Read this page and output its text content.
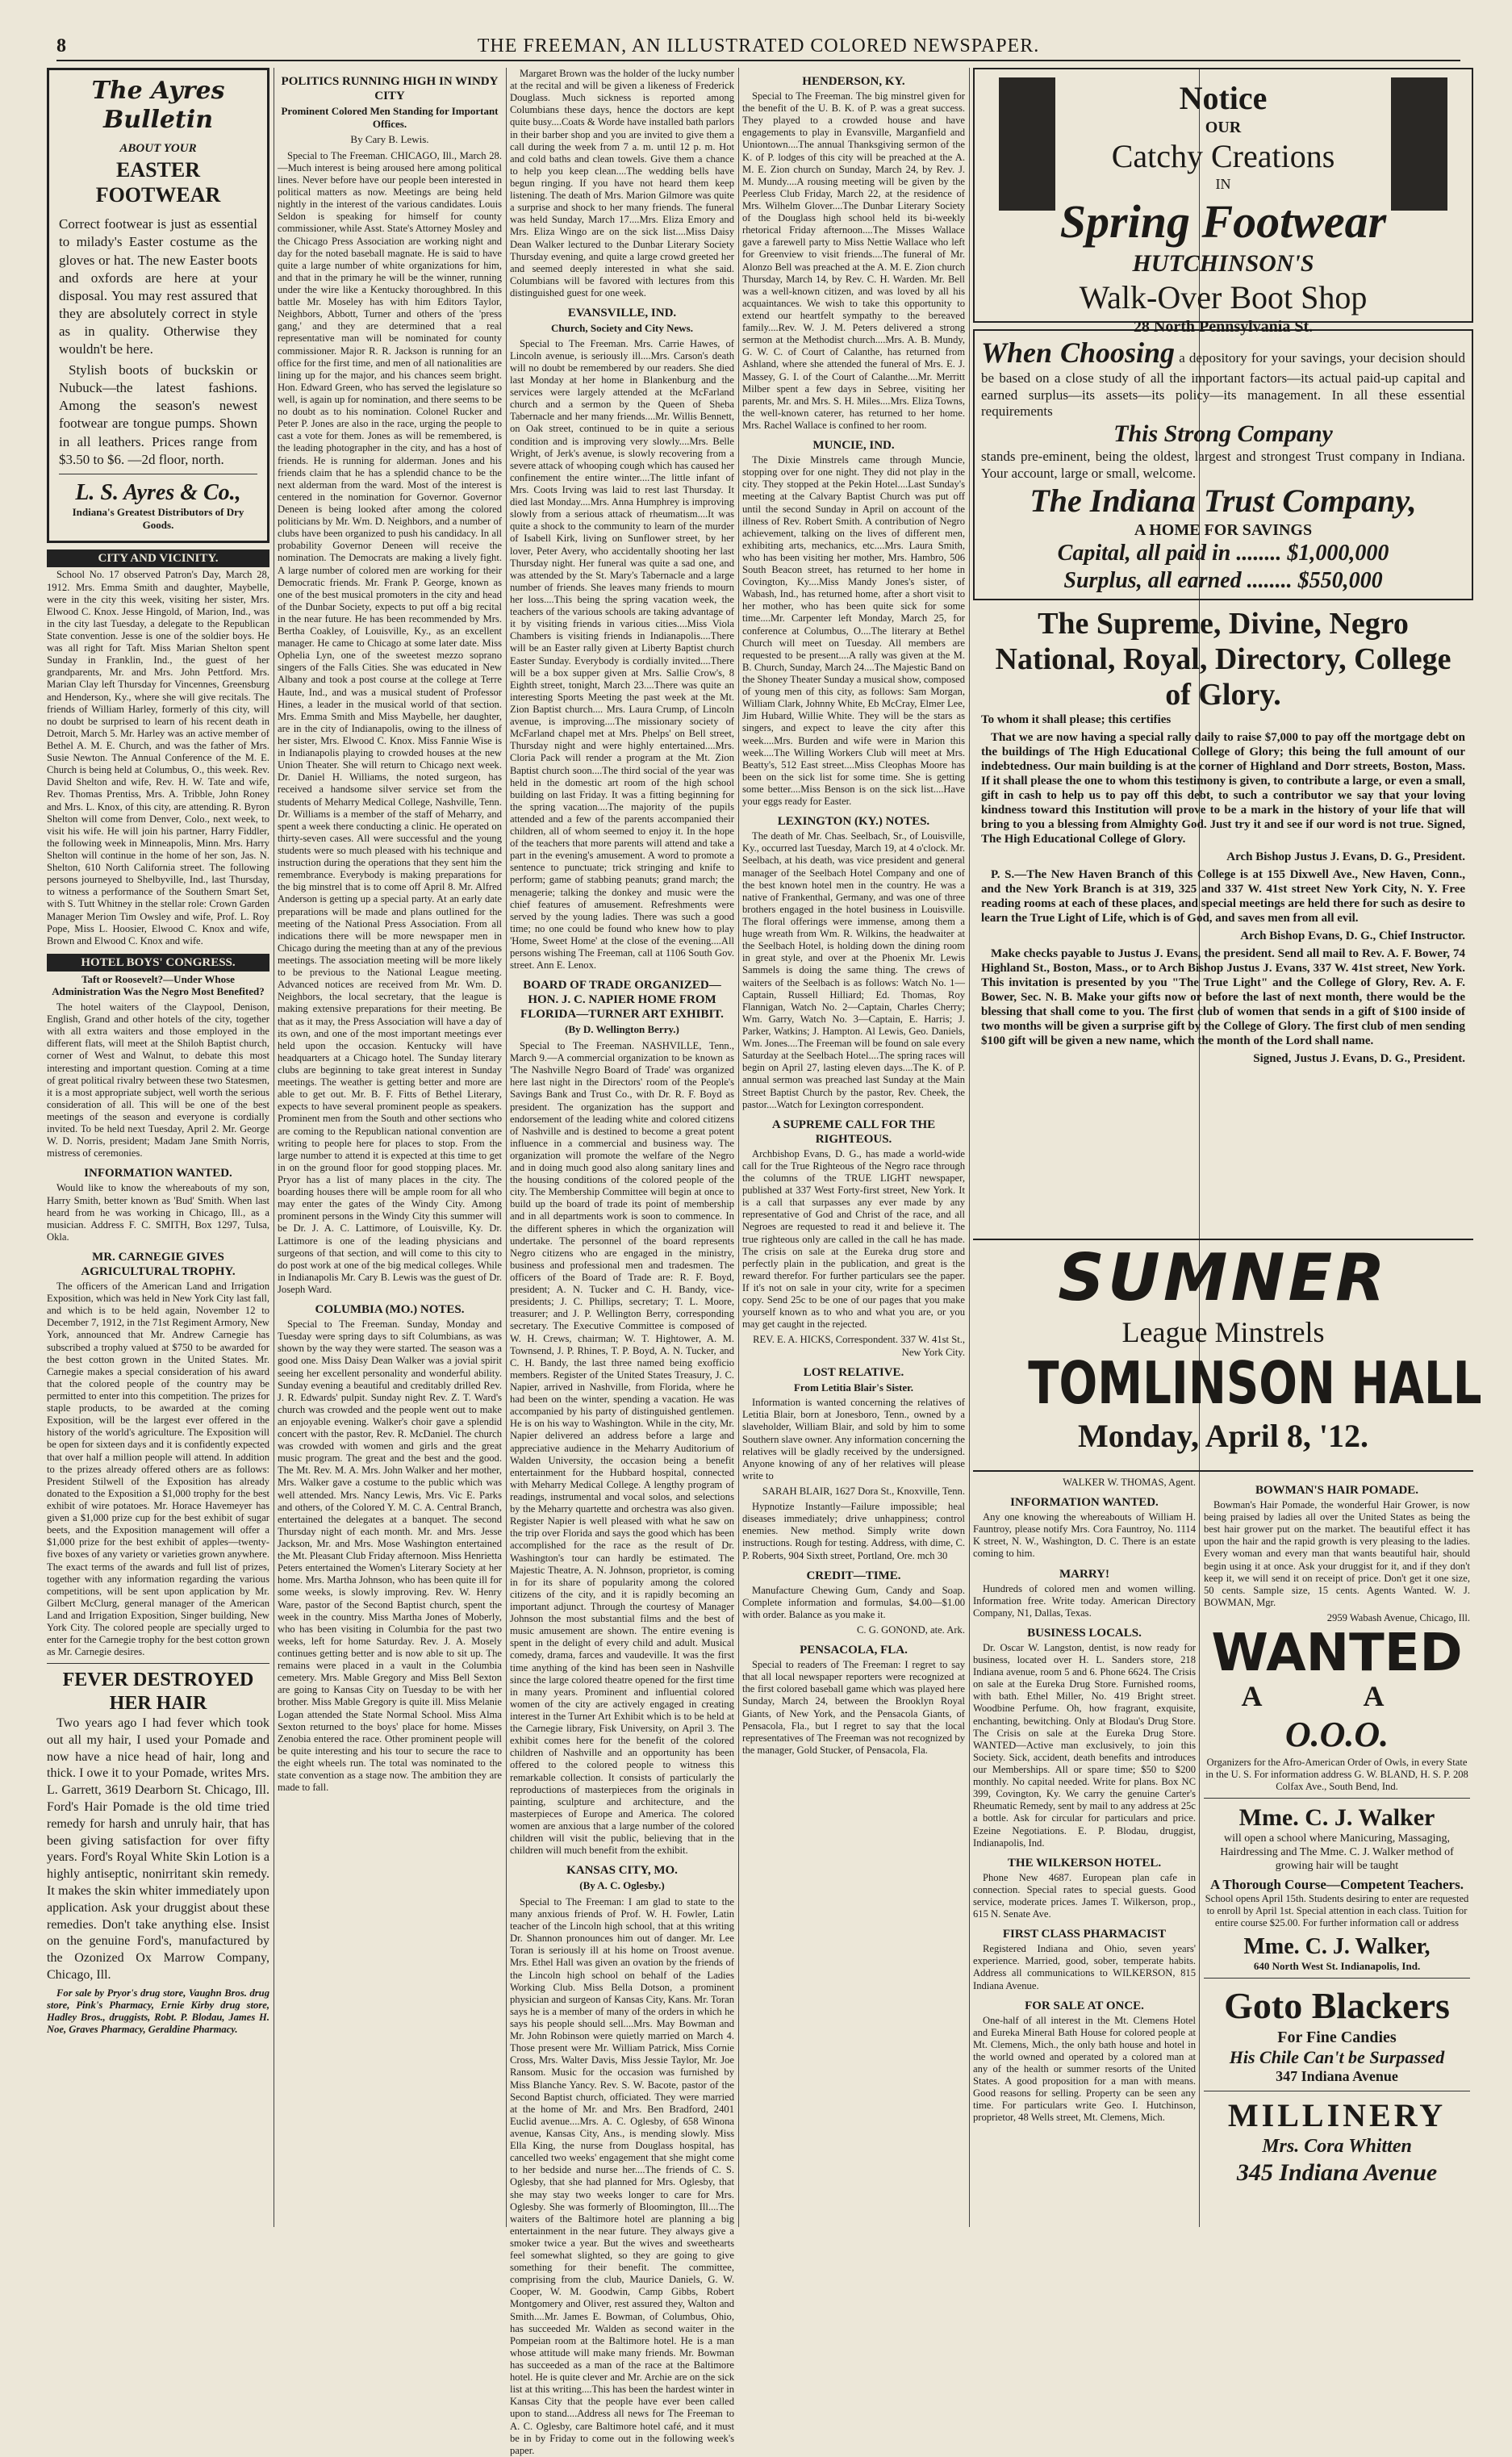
8	THE FREEMAN, AN ILLUSTRATED COLORED NEWSPAPER.
The Ayres Bulletin
ABOUT YOUR
EASTER FOOTWEAR

Correct footwear is just as essential to milady's Easter costume as the gloves or hat. The new Easter boots and oxfords are here at your disposal. You may rest assured that they are absolutely correct in style as in quality. Otherwise they wouldn't be here.

Stylish boots of buckskin or Nubuck—the latest fashions. Among the season's newest footwear are tongue pumps. Shown in all leathers. Prices range from $3.50 to $6. —2d floor, north.

L. S. Ayres & Co.,
Indiana's Greatest Distributors of Dry Goods.
CITY AND VICINITY.

School No. 17 observed Patron's Day, March 28, 1912. Mrs. Emma Smith and daughter, Maybelle, were in the city this week, visiting her sister, Mrs. Elwood C. Knox. Jesse Hingold, of Marion, Ind., was in the city last Tuesday, a delegate to the Republican State convention. Jesse is one of the soldier boys. He was all right for Taft. Miss Marian Shelton spent Sunday in Franklin, Ind., the guest of her grandparents, Mr. and Mrs. John Pettford. Mrs. Marian Clay left Thursday for Vincennes, Greensburg and Henderson, Ky., where she will give recitals. The friends of William Harley, formerly of this city, will no doubt be surprised to learn of his recent death in Detroit, March 5. Mr. Harley was an active member of Bethel A. M. E. Church, and was the father of Mrs. Susie Newton. The Annual Conference of the M. E. Church is being held at Columbus, O., this week. Rev. David Shelton and wife, Rev. H. W. Tate and wife, Rev. Thomas Prentiss, Mrs. A. Tribble, John Roney and Mrs. L. Knox, of this city, are attending. R. Byron Shelton will come from Denver, Colo., next week, to visit his wife. He will join his partner, Harry Fiddler, the following week in Minneapolis, Minn. Mrs. Harry Shelton will continue in the home of her son, Jas. N. Shelton, 610 North California street. The following persons journeyed to Shelbyville, Ind., last Thursday, to witness a performance of the Southern Smart Set, with S. Tutt Whitney in the stellar role: Crown Garden Manager Merion Tim Owsley and wife, Prof. L. Roy Pope, Miss L. Hoosier, Elwood C. Knox and wife, Brown and Elwood C. Knox and wife.

HOTEL BOYS' CONGRESS.
Taft or Roosevelt?—Under Whose Administration Was the Negro Most Benefited?

The hotel waiters of the Claypool, Denison, English, Grand and other hotels of the city, together with all extra waiters and those employed in the different flats, will meet at the Shiloh Baptist church, corner of West and Walnut, to debate this most interesting and important question. Coming at a time of great political rivalry between these two Statesmen, it is a most appropriate subject, well worth the serious consideration of all. This will be one of the best meetings of the season and everyone is cordially invited. To be held next Tuesday, April 2. Mr. George W. D. Norris, president; Madam Jane Smith Norris, mistress of ceremonies.

INFORMATION WANTED.

Would like to know the whereabouts of my son, Harry Smith, better known as 'Bud' Smith. When last heard from he was working in Chicago, Ill., as a musician. Address F. C. SMITH, Box 1297, Tulsa, Okla.

MR. CARNEGIE GIVES AGRICULTURAL TROPHY.

The officers of the American Land and Irrigation Exposition, which was held in New York City last fall, and which is to be held again, November 12 to December 7, 1912, in the 71st Regiment Armory, New York, announced that Mr. Andrew Carnegie has subscribed a trophy valued at $750 to be awarded for the best cotton grown in the United States. Mr. Carnegie makes a special consideration of his award that the colored people of the country may be permitted to enter into this competition. The prizes for staple products, to be awarded at the coming Exposition, will be the largest ever offered in the history of the world's agriculture. The Exposition will be open for sixteen days and it is confidently expected that over half a million people will attend. In addition to the prizes already offered others are as follows: President Stilwell of the Exposition has already donated to the Exposition a $1,000 trophy for the best exhibit of wire potatoes. Mr. Horace Havemeyer has given a $1,000 prize cup for the best exhibit of sugar beets, and the Exposition management will offer a $1,000 prize for the best exhibit of apples—twenty-five boxes of any variety or varieties grown anywhere. The exact terms of the awards and full list of prizes, together with any information regarding the various competitions, will be sent upon application by Mr. Gilbert McClurg, general manager of the American Land and Irrigation Exposition, Singer building, New York City. The colored people are specially urged to enter for the Carnegie trophy for the best cotton grown as Mr. Carnegie desires.

FEVER DESTROYED HER HAIR

Two years ago I had fever which took out all my hair, I used your Pomade and now have a nice head of hair, long and thick. I owe it to your Pomade, writes Mrs. L. Garrett, 3619 Dearborn St. Chicago, Ill. Ford's Hair Pomade is the old time tried remedy for harsh and unruly hair, that has been giving satisfaction for over fifty years. Ford's Royal White Skin Lotion is a highly antiseptic, nonirritant skin remedy. It makes the skin whiter immediately upon application. Ask your druggist about these remedies. Don't take anything else. Insist on the genuine Ford's, manufactured by the Ozonized Ox Marrow Company, Chicago, Ill.

For sale by Pryor's drug store, Vaughn Bros. drug store, Pink's Pharmacy, Ernie Kirby drug store, Hadley Bros., druggists, Robt. P. Blodau, James H. Noe, Graves Pharmacy, Geraldine Pharmacy.

POLITICS RUNNING HIGH IN WINDY CITY
Prominent Colored Men Standing for Important Offices.
By Cary B. Lewis.

Special to The Freeman. CHICAGO, Ill., March 28.—Much interest is being aroused here among political lines. Never before have our people been interested in political matters as now. Meetings are being held nightly in the interest of the various candidates. Louis Seldon is speaking for himself for county commissioner, while Asst. State's Attorney Mosley and the Chicago Press Association are working night and day for the noted baseball magnate. He is said to have quite a large number of white organizations for him, and that in the primary he will be the winner, running under the wire like a Kentucky thoroughbred. In this battle Mr. Moseley has with him Editors Taylor, Neighbors, Abbott, Turner and others of the 'press gang,' and they are determined that a real representative man will be nominated for county commissioner. Major R. R. Jackson is running for an office for the first time, and men of all nationalities are lining up for the major, and his chances seem bright. Hon. Edward Green, who has served the legislature so well, is again up for nomination, and there seems to be no doubt as to his nomination. Colonel Rucker and Peter P. Jones are also in the race, urging the people to cast a vote for them. Jones as will be remembered, is the leading photographer in the city, and has a host of friends. He is running for alderman. Jones and his friends claim that he has a splendid chance to be the next alderman from the ward. Most of the interest is centered in the nomination for Governor. Governor Deneen is being looked after among the colored politicians by Mr. Wm. D. Neighbors, and a number of clubs have been organized to push his candidacy. In all probability Governor Deneen will receive the nomination. The Democrats are making a lively fight. A large number of colored men are working for their Democratic friends. Mr. Frank P. George, known as one of the best musical promoters in the city and head of the Dunbar Society, expects to put off a big recital in the near future. He has been recommended by Mrs. Bertha Coakley, of Louisville, Ky., as an excellent manager. He came to Chicago at some later date. Miss Ophelia Lyn, one of the sweetest mezzo soprano singers of the Falls Cities. She was educated in New Albany and took a post course at the college at Terre Haute, Ind., and was a musical student of Professor Hines, a leader in the musical world of that section. Mrs. Emma Smith and Miss Maybelle, her daughter, are in the city of Indianapolis, owing to the illness of her sister, Mrs. Elwood C. Knox. Miss Fannie Wise is in Indianapolis playing to crowded houses at the new Union Theater. She will return to Chicago next week. Dr. Daniel H. Williams, the noted surgeon, has received a handsome silver service set from the students of Meharry Medical College, Nashville, Tenn. Dr. Williams is a member of the staff of Meharry, and spent a week there conducting a clinic. He operated on thirty-seven cases. All were successful and the young students were so much pleased with his technique and instruction during the operations that they sent him the remembrance. Everybody is making preparations for the big minstrel that is to come off April 8. Mr. Alfred Anderson is getting up a special party. At an early date preparations will be made and plans outlined for the meeting of the National Press Association. From all indications there will be more newspaper men in Chicago during the meeting than at any of the previous meetings. The association meeting will be more likely to be previous to the National League meeting. Advanced notices are received from Mr. Wm. D. Neighbors, the local secretary, that the league is making extensive preparations for their meeting. Be that as it may, the Press Association will have a day of its own, and one of the most important meetings ever held upon the occasion. Kentucky will have headquarters at a Chicago hotel. The Sunday literary clubs are beginning to take great interest in Sunday meetings. The weather is getting better and more are able to get out. Mr. B. F. Fitts of Bethel Literary, expects to have several prominent people as speakers. Prominent men from the South and other sections who are coming to the Republican national convention are writing to people here for places to stop. From the large number to attend it is expected at this time to get in on the ground floor for good stopping places. Mr. Pryor has a list of many places in the city. The boarding houses there will be ample room for all who may enter the gates of the Windy City. Among prominent persons in the Windy City this summer will be Dr. J. A. C. Lattimore, of Louisville, Ky. Dr. Lattimore is one of the leading physicians and surgeons of that section, and will come to this city to do post work at one of the big medical colleges. While in Indianapolis Mr. Cary B. Lewis was the guest of Dr. Joseph Ward.

COLUMBIA (MO.) NOTES.

Special to The Freeman. Sunday, Monday and Tuesday were spring days to sift Columbians, as was shown by the way they were started. The season was a good one. Miss Daisy Dean Walker was a jovial spirit seeing her excellent personality and wonderful ability. Sunday evening a beautiful and creditably drilled Rev. J. R. Edwards' pulpit. Sunday night Rev. Z. T. Ward's church was crowded and the people went out to make an enjoyable evening. Walker's choir gave a splendid concert with the pastor, Rev. R. McDaniel. The church was crowded with women and girls and the great music program. The great and the best and the good. The Mt. Rev. M. A. Mrs. John Walker and her mother, Mrs. Walker gave a costume to the public which was well attended. Mrs. Nancy Lewis, Mrs. Vic E. Parks and others, of the Colored Y. M. C. A. Central Branch, entertained the delegates at a banquet. The second Thursday night of each month. Mr. and Mrs. Jesse Jackson, Mr. and Mrs. Mose Washington entertained the Mt. Pleasant Club Friday afternoon. Miss Henrietta Peters entertained the Women's Literary Society at her home. Mrs. Martha Johnson, who has been quite ill for some weeks, is slowly improving. Rev. W. Henry Ware, pastor of the Second Baptist church, spent the week in the country. Miss Martha Jones of Moberly, who has been visiting in Columbia for the past two weeks, left for home Saturday. Rev. J. A. Mosely continues getting better and is now able to sit up. The remains were placed in a vault in the Columbia cemetery. Mrs. Mable Gregory and Miss Bell Sexton are going to Kansas City on Tuesday to be with her brother. Miss Mable Gregory is quite ill. Miss Melanie Logan attended the State Normal School. Miss Alma Sexton returned to the boys' place for home. Misses Zenobia entered the race. Other prominent people will be quite interesting and his tour to secure the race to the eight wheels run. The total was nominated to the state convention as a stage now. The ambition they are made to fall.

Margaret Brown was the holder of the lucky number at the recital and will be given a likeness of Frederick Douglass. Much sickness is reported among Columbians these days, hence the doctors are kept quite busy....Coats & Worde have installed bath parlors in their barber shop and you are invited to give them a call during the week from 7 a. m. until 12 p. m. Hot and cold baths and clean towels. Give them a chance to help you keep clean....The wedding bells have begun ringing. If you have not heard them keep listening. The death of Mrs. Marion Gilmore was quite a surprise and shock to her many friends. The funeral was held Sunday, March 17....Mrs. Eliza Emory and Mrs. Eliza Wingo are on the sick list....Miss Daisy Dean Walker lectured to the Dunbar Literary Society Thursday evening, and quite a large crowd greeted her and seemed deeply interested in what she said. Columbians will be favored with lectures from this distinguished guest for one week.

EVANSVILLE, IND.
Church, Society and City News.

Special to The Freeman. Mrs. Carrie Hawes, of Lincoln avenue, is seriously ill....Mrs. Carson's death will no doubt be remembered by our readers. She died last Monday at her home in Blankenburg and the services were largely attended at the McFarland church and a sermon by the Queen of Sheba Tabernacle and her many friends....Mr. Willis Bennett, on Oak street, continued to be in quite a serious condition and is improving very slowly....Mrs. Belle Wright, of Jerk's avenue, is slowly recovering from a severe attack of whooping cough which has caused her confinement the entire winter....The little infant of Mrs. Coots Irving was laid to rest last Thursday. It died last Monday....Mrs. Anna Humphrey is improving slowly from a serious attack of rheumatism....It was quite a shock to the community to learn of the murder of Isabell Kirk, living on Sunflower street, by her lover, Peter Avery, who accidentally shooting her last Thursday night. Her funeral was quite a sad one, and was attended by the St. Mary's Tabernacle and a large number of friends. She leaves many friends to mourn her loss....This being the spring vacation week, the teachers of the various schools are taking advantage of it by visiting friends in various cities....Miss Viola Chambers is visiting friends in Indianapolis....There will be an Easter rally given at Liberty Baptist church Easter Sunday. Everybody is cordially invited....There will be a box supper given at Mrs. Sallie Crow's, 8 Eighth street, tonight, March 23....There was quite an interesting Sports Meeting the past week at the Mt. Zion Baptist church.... Mrs. Laura Crump, of Lincoln avenue, is improving....The missionary society of McFarland chapel met at Mrs. Phelps' on Bell street, Thursday night and were highly entertained....Mrs. Cloria Pack will render a program at the Mt. Zion Baptist church soon....The third social of the year was held in the domestic art room of the high school building on last Friday. It was a fitting beginning for the spring vacation....The majority of the pupils attended and a few of the parents accompanied their children, all of whom seemed to enjoy it. In the hope of the teachers that more parents will attend and take a part in the evening's amusement. A word to promote a sentence to punctuate; trick stringing and knife to perform; game of stabbing peanuts; grand march; the menagerie; talking the donkey and music were the chief features of amusement. Refreshments were served by the young ladies. There was such a good time; no one could be found who knew how to play 'Home, Sweet Home' at the close of the evening....All persons wishing The Freeman, call at 1106 South Gov. street. Ann E. Lenox.

BOARD OF TRADE ORGANIZED—HON. J. C. NAPIER HOME FROM FLORIDA—TURNER ART EXHIBIT.
(By D. Wellington Berry.)

Special to The Freeman. NASHVILLE, Tenn., March 9.—A commercial organization to be known as 'The Nashville Negro Board of Trade' was organized here last night in the Directors' room of the People's Savings Bank and Trust Co., with Dr. R. F. Boyd as president. The organization has the support and endorsement of the leading white and colored citizens of Nashville and is destined to become a great potent influence in a commercial and business way. The organization will promote the welfare of the Negro and in doing much good also along sanitary lines and the housing conditions of the colored people of the city. The Membership Committee will begin at once to build up the board of trade its point of membership and in all departments work is soon to commence. In the different spheres in which the organization will undertake. The personnel of the board represents Negro citizens who are engaged in the ministry, business and professional men and tradesmen. The officers of the Board of Trade are: R. F. Boyd, president; A. N. Tucker and C. H. Bandy, vice-presidents; J. C. Phillips, secretary; T. L. Moore, treasurer; and J. P. Wellington Berry, corresponding secretary. The Executive Committee is composed of W. H. Crews, chairman; W. T. Hightower, A. M. Townsend, J. P. Rhines, T. P. Boyd, A. N. Tucker, and C. H. Bandy, the last three named being exofficio members. Register of the United States Treasury, J. C. Napier, arrived in Nashville, from Florida, where he had been on the winter, spending a vacation. He was accompanied by his party of distinguished gentlemen. He is on his way to Washington. While in the city, Mr. Napier delivered an address before a large and appreciative audience in the Meharry Auditorium of Walden University, the occasion being a benefit entertainment for the Hubbard hospital, connected with Meharry Medical College. A lengthy program of readings, instrumental and vocal solos, and selections by the Meharry quartette and orchestra was also given. Register Napier is well pleased with what he saw on the trip over Florida and says the good which has been accomplished for the race as the result of Dr. Washington's tour can hardly be estimated. The Majestic Theatre, A. N. Johnson, proprietor, is coming in for its share of popularity among the colored citizens of the city, and it is rapidly becoming an important adjunct. Through the courtesy of Manager Johnson the most substantial films and the best of music amusement are shown. The entire evening is spent in the delight of every child and adult. Musical comedy, drama, farces and vaudeville. It was the first time anything of the kind has been seen in Nashville since the large colored theatre opened for the first time in many years. Prominent and influential colored women of the city are actively engaged in creating interest in the Turner Art Exhibit which is to be held at the Carnegie library, Fisk University, on April 3. The exhibit comes here for the benefit of the colored children of Nashville and an opportunity has been offered to the colored people to witness this remarkable collection. It consists of particularly the reproductions of masterpieces from the originals in painting, sculpture and architecture, and the masterpieces of Europe and America. The colored women are anxious that a large number of the colored children will visit the public, believing that in the children will much benefit from the exhibit.

KANSAS CITY, MO.
(By A. C. Oglesby.)

Special to The Freeman: I am glad to state to the many anxious friends of Prof. W. H. Fowler, Latin teacher of the Lincoln high school, that at this writing Dr. Shannon pronounces him out of danger. Mr. Lee Toran is seriously ill at his home on Troost avenue. Mrs. Ethel Hall was given an ovation by the friends of the Lincoln high school on behalf of the Ladies Working Club. Miss Bella Dotson, a prominent physician and surgeon of Kansas City, Kans. Mr. Toran says he is a member of many of the orders in which he says his people should sell....Mrs. May Bowman and Mr. John Robinson were quietly married on March 4. Those present were Mr. William Patrick, Miss Cornie Cross, Mrs. Walter Davis, Miss Jessie Taylor, Mr. Joe Ransom. Music for the occasion was furnished by Miss Blanche Yancy. Rev. S. W. Bacote, pastor of the Second Baptist church, officiated. They were married at the home of Mr. and Mrs. Ben Bradford, 2401 Euclid avenue....Mrs. A. C. Oglesby, of 658 Winona avenue, Kansas City, Ans., is mending slowly. Miss Ella King, the nurse from Douglass hospital, has cancelled two weeks' engagement that she might come to her bedside and nurse her....The friends of C. S. Oglesby, that she had planned for Mrs. Oglesby, that she may stay two weeks longer to care for Mrs. Oglesby. She was formerly of Bloomington, Ill....The waiters of the Baltimore hotel are planning a big entertainment in the near future. They always give a smoker twice a year. But the wives and sweethearts feel somewhat slighted, so they are going to give something for their benefit. The committee, comprising from the club, Maurice Daniels, G. W. Cooper, W. M. Goodwin, Camp Gibbs, Robert Montgomery and Oliver, rest assured they, Walton and Smith....Mr. James E. Bowman, of Columbus, Ohio, has succeeded Mr. Walden as second waiter in the Pompeian room at the Baltimore hotel. He is a man whose attitude will make many friends. Mr. Bowman has succeeded as a man of the race at the Baltimore hotel. He is quite clever and Mr. Archie are on the sick list at this writing....This has been the hardest winter in Kansas City that the people have ever been called upon to stand....Address all news for The Freeman to A. C. Oglesby, care Baltimore hotel café, and it must be in by Friday to come out in the following week's paper.

HENDERSON, KY.

Special to The Freeman. The big minstrel given for the benefit of the U. B. K. of P. was a great success. They played to a crowded house and have engagements to play in Evansville, Marganfield and Uniontown....The annual Thanksgiving sermon of the K. of P. lodges of this city will be preached at the A. M. E. Zion church on Sunday, March 24, by Rev. J. M. Mundy....A rousing meeting will be given by the Peerless Club Friday, March 22, at the residence of Mrs. Wilhelm Glover....The Dunbar Literary Society of the Douglass high school held its bi-weekly rhetorical Friday afternoon....The Misses Wallace gave a farewell party to Miss Nettie Wallace who left for Greenview to visit friends....The funeral of Mr. Alonzo Bell was preached at the A. M. E. Zion church Thursday, March 14, by Rev. C. H. Warden. Mr. Bell was a well-known citizen, and was loved by all his acquaintances. We wish to take this opportunity to extend our heartfelt sympathy to the bereaved family....Rev. W. J. M. Peters delivered a strong sermon at the Methodist church....Mrs. A. B. Mundy, G. W. C. of Court of Calanthe, has returned from Ashland, where she attended the funeral of Mrs. E. J. Massey, G. I. of the Court of Calanthe....Mr. Merritt Milber spent a few days in Sebree, visiting her parents, Mr. and Mrs. S. H. Miles....Mrs. Eliza Towns, the well-known caterer, has returned to her home. Mrs. Rachel Wallace is confined to her room.

MUNCIE, IND.

The Dixie Minstrels came through Muncie, stopping over for one night. They did not play in the city. They stopped at the Pekin Hotel....Last Sunday's meeting at the Calvary Baptist Church was put off until the second Sunday in April on account of the illness of Rev. Robert Smith. A contribution of Negro achievement, talking on the lives of different men, exhibiting arts, mechanics, etc....Mrs. Laura Smith, who has been visiting her mother, Mrs. Hambro, 506 South Beacon street, has returned to her home in Covington, Ky....Miss Mandy Jones's sister, of Wabash, Ind., has returned home, after a short visit to her mother, who has been quite sick for some time....Mr. Carpenter left Monday, March 25, for conference at Columbus, O....The literary at Bethel Church will meet on Tuesday. All members are requested to be present....A rally was given at the M. B. Church, Sunday, March 24....The Majestic Band on the Shoney Theater Sunday a musical show, composed of young men of this city, as follows: Sam Morgan, William Clark, Johnny White, Eb McCray, Elmer Lee, Jim Hubard, Willie White. They will be the stars as singers, and expect to leave the city after this week....Mrs. Burden and wife were in Marion this week....The Willing Workers Club will meet at Mrs. Beatty's, 512 East street....Miss Cleophas Moore has been on the sick list for some time. She is getting some better....Miss Benson is on the sick list....Have your eggs ready for Easter.

LEXINGTON (KY.) NOTES.

The death of Mr. Chas. Seelbach, Sr., of Louisville, Ky., occurred last Tuesday, March 19, at 4 o'clock. Mr. Seelbach, at his death, was vice president and general manager of the Seelbach Hotel Company and one of the best known hotel men in the country. He was a native of Frankenthal, Germany, and was one of three brothers engaged in the hotel business in Louisville. The floral offerings were immense, among them a huge wreath from Wm. R. Wilkins, the headwaiter at the Seelbach Hotel, is holding down the dining room in great style, and over at the Phoenix Mr. Lewis Sammels is doing the same thing. The crews of waiters of the Seelbach is as follows: Watch No. 1—Captain, Russell Hilliard; Ed. Thomas, Roy Flannigan, Watch No. 2—Captain, Charles Cherry; Wm. Garry, Watch No. 3—Captain, E. Harris; J. Parker, Watkins; J. Hampton. Al Lewis, Geo. Daniels, Wm. Jones....The Freeman will be found on sale every Saturday at the Seelbach Hotel....The spring races will begin on April 27, lasting eleven days....The K. of P. annual sermon was preached last Sunday at the Main Street Baptist Church by the pastor, Rev. Cheek, the pastor....Watch for Lexington correspondent.

A SUPREME CALL FOR THE RIGHTEOUS.

Archbishop Evans, D. G., has made a world-wide call for the True Righteous of the Negro race through the columns of the TRUE LIGHT newspaper, published at 337 West Forty-first street, New York. It is a call that surpasses any ever made by any representative of God and Christ of the race, and all Negroes are requested to read it and believe it. The true righteous only are called in the call he has made. The crisis on sale at the Eureka drug store and perfectly plain in the publication, and great is the reward therefor. For further particulars see the paper. If it's not on sale in your city, write for a specimen copy. Send 25c to be one of our pages that you make yourself known as to who and what you are, or you may get caught in the rejected.

REV. E. A. HICKS, Correspondent. 337 W. 41st St., New York City.

LOST RELATIVE.
From Letitia Blair's Sister.

Information is wanted concerning the relatives of Letitia Blair, born at Jonesboro, Tenn., owned by a slaveholder, William Blair, and sold by him to some Southern slave owner. Any information concerning the relatives will be gladly received by the undersigned. Anyone knowing of any of her relatives will please write to

SARAH BLAIR, 1627 Dora St., Knoxville, Tenn.

Hypnotize Instantly—Failure impossible; heal diseases immediately; drive unhappiness; control enemies. New method. Simply write down instructions. Rough for testing. Address, with dime, C. P. Roberts, 904 Sixth street, Portland, Ore. mch 30

CREDIT—TIME.

Manufacture Chewing Gum, Candy and Soap. Complete information and formulas, $4.00—$1.00 with order. Balance as you make it.

C. G. GONOND, ate. Ark.

PENSACOLA, FLA.

Special to readers of The Freeman: I regret to say that all local newspaper reporters were recognized at the first colored baseball game which was played here Sunday, March 24, between the Brooklyn Royal Giants, of New York, and the Pensacola Giants, of Pensacola, Fla., but I regret to say that the local representatives of The Freeman was not recognized by the manager, Gold Stucker, of Pensacola, Fla.

Notice
OUR
Catchy Creations
IN
Spring Footwear
HUTCHINSON'S
Walk-Over Boot Shop
28 North Pennsylvania St.
When Choosing a depository for your savings, your decision should be based on a close study of all the important factors—its actual paid-up capital and earned surplus—its assets—its policy—its management. In all these essential requirements
This Strong Company
stands pre-eminent, being the oldest, largest and strongest Trust company in Indiana. Your account, large or small, welcome.
The Indiana Trust Company,
A HOME FOR SAVINGS
Capital, all paid in ........ $1,000,000
Surplus, all earned ........ $550,000
The Supreme, Divine, Negro National, Royal, Directory, College of Glory.

To whom it shall please; this certifies

That we are now having a special rally daily to raise $7,000 to pay off the mortgage debt on the buildings of The High Educational College of Glory; this being the full amount of our indebtedness. Our main building is at the corner of Highland and Dorr streets, Boston, Mass. If it shall please the one to whom this testimony is given, to contribute a large, or even a small, gift in cash to help us to pay off this debt, to such a contributor we say that your loving kindness toward this Institution will prove to be a mark in the history of your life that will bring to you a blessing from Almighty God. Just try it and see if our word is not true. Signed, The High Educational College of Glory.

Arch Bishop Justus J. Evans, D. G., President.

P. S.—The New Haven Branch of this College is at 155 Dixwell Ave., New Haven, Conn., and the New York Branch is at 319, 325 and 337 W. 41st street New York City, N. Y. Free reading rooms at each of these places, and special meetings are held there for such as desire to learn the True Light of Life, which is of God, and saves men from all evil.

Arch Bishop Evans, D. G., Chief Instructor.

Make checks payable to Justus J. Evans, the president. Send all mail to Rev. A. F. Bower, 74 Highland St., Boston, Mass., or to Arch Bishop Justus J. Evans, 337 W. 41st street, New York. This invitation is presented by you "The True Light" and the College of Glory, Rev. A. F. Bower, Sec. N. B. Make your gifts now or before the last of next month, there would be the blessing that shall come to you. The first club of women that sends in a gift of $100 inside of two months will be given a surprise gift by the College of Glory. The first club of men sending $100 gift will be given a new name, which the month of the Lord shall name.

Signed, Justus J. Evans, D. G., President.

SUMNER
League Minstrels
TOMLINSON HALL
Monday, April 8, '12.

WALKER W. THOMAS, Agent.

INFORMATION WANTED.

Any one knowing the whereabouts of William H. Fauntroy, please notify Mrs. Cora Fauntroy, No. 1114 K street, N. W., Washington, D. C. There is an estate coming to him.

MARRY!

Hundreds of colored men and women willing. Information free. Write today. American Directory Company, N1, Dallas, Texas.

BUSINESS LOCALS.

Dr. Oscar W. Langston, dentist, is now ready for business, located over H. L. Sanders store, 218 Indiana avenue, room 5 and 6. Phone 6624. The Crisis on sale at the Eureka Drug Store. Furnished rooms, with bath. Ethel Miller, No. 419 Bright street. Woodbine Perfume. Oh, how fragrant, exquisite, enchanting, bewitching. Only at Blodau's Drug Store. The Crisis on sale at the Eureka Drug Store. WANTED—Active man exclusively, to join this Society. Sick, accident, death benefits and introduces our Memberships. All or spare time; $50 to $200 monthly. No capital needed. Write for plans. Box NC 399, Covington, Ky. We carry the genuine Carter's Rheumatic Remedy, sent by mail to any address at 25c a bottle. Ask for circular for particulars and price. Ezeine Negotiations. E. P. Blodau, druggist, Indianapolis, Ind.

THE WILKERSON HOTEL.

Phone New 4687. European plan cafe in connection. Special rates to special guests. Good service, moderate prices. James T. Wilkerson, prop., 615 N. Senate Ave.

FIRST CLASS PHARMACIST

Registered Indiana and Ohio, seven years' experience. Married, good, sober, temperate habits. Address all communications to WILKERSON, 815 Indiana Avenue.

FOR SALE AT ONCE.

One-half of all interest in the Mt. Clemens Hotel and Eureka Mineral Bath House for colored people at Mt. Clemens, Mich., the only bath house and hotel in the world owned and operated by a colored man at any of the health or summer resorts of the United States. A good proposition for a man with means. Good reasons for selling. Property can be seen any time. For particulars write Geo. I. Hutchinson, proprietor, 48 Wells street, Mt. Clemens, Mich.

BOWMAN'S HAIR POMADE.

Bowman's Hair Pomade, the wonderful Hair Grower, is now being praised by ladies all over the United States as being the best hair grower put on the market. The beautiful effect it has upon the hair and the rapid growth is very pleasing to the ladies. Every woman and every man that wants beautiful hair, should begin using it at once. Ask your druggist for it, and if they don't keep it, we will send it on receipt of price. Don't get it one size, 50 cents. Sample size, 15 cents. Agents Wanted. W. J. BOWMAN, Mgr.

2959 Wabash Avenue, Chicago, Ill.

WANTED
A A
O.O.O.

Organizers for the Afro-American Order of Owls, in every State in the U. S. For information address G. W. BLAND, H. S. P. 208 Colfax Ave., South Bend, Ind.

Mme. C. J. Walker

will open a school where Manicuring, Massaging, Hairdressing and The Mme. C. J. Walker method of growing hair will be taught

A Thorough Course—Competent Teachers.

School opens April 15th. Students desiring to enter are requested to enroll by April 1st. Special attention in each class. Tuition for entire course $25.00. For further information call or address

Mme. C. J. Walker,
640 North West St. Indianapolis, Ind.
Goto Blackers
For Fine Candies
His Chile Can't be Surpassed
347 Indiana Avenue
MILLINERY
Mrs. Cora Whitten
345 Indiana Avenue
